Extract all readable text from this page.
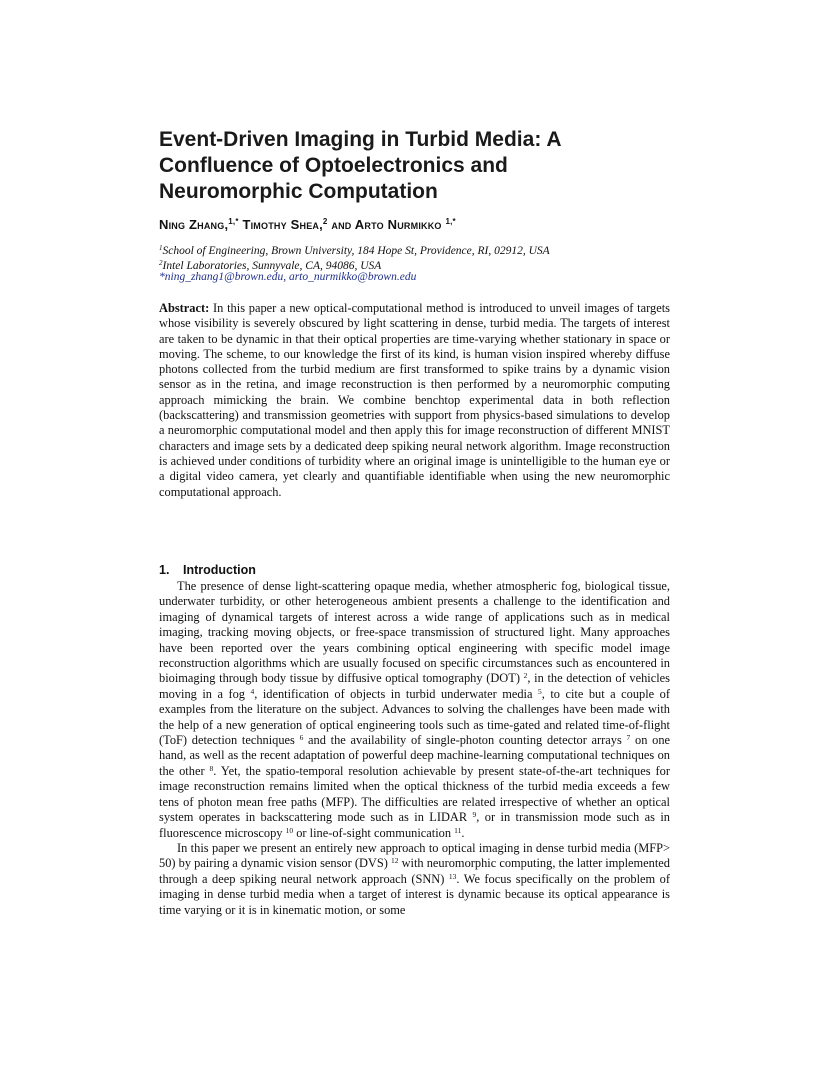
Event-Driven Imaging in Turbid Media: A
Confluence of Optoelectronics and
Neuromorphic Computation
Ning Zhang,$^{1,*}$ Timothy Shea,$^2$ and Arto Nurmikko $^{1,*}$
$^1$School of Engineering, Brown University, 184 Hope St, Providence, RI, 02912, USA
$^2$Intel Laboratories, Sunnyvale, CA, 94086, USA
*ning_zhang1@brown.edu, arto_nurmikko@brown.edu
Abstract: In this paper a new optical-computational method is introduced to unveil images of targets whose visibility is severely obscured by light scattering in dense, turbid media. The targets of interest are taken to be dynamic in that their optical properties are time-varying whether stationary in space or moving. The scheme, to our knowledge the first of its kind, is human vision inspired whereby diffuse photons collected from the turbid medium are first transformed to spike trains by a dynamic vision sensor as in the retina, and image reconstruction is then performed by a neuromorphic computing approach mimicking the brain. We combine benchtop experimental data in both reflection (backscattering) and transmission geometries with support from physics-based simulations to develop a neuromorphic computational model and then apply this for image reconstruction of different MNIST characters and image sets by a dedicated deep spiking neural network algorithm. Image reconstruction is achieved under conditions of turbidity where an original image is unintelligible to the human eye or a digital video camera, yet clearly and quantifiable identifiable when using the new neuromorphic computational approach.
1. Introduction

The presence of dense light-scattering opaque media, whether atmospheric fog, biological tissue, underwater turbidity, or other heterogeneous ambient presents a challenge to the identification and imaging of dynamical targets of interest across a wide range of applications such as in medical imaging, tracking moving objects, or free-space transmission of structured light. Many approaches have been reported over the years combining optical engineering with specific model image reconstruction algorithms which are usually focused on specific circumstances such as encountered in bioimaging through body tissue by diffusive optical tomography (DOT) $^2$, in the detection of vehicles moving in a fog $^4$, identification of objects in turbid underwater media $^5$, to cite but a couple of examples from the literature on the subject. Advances to solving the challenges have been made with the help of a new generation of optical engineering tools such as time-gated and related time-of-flight (ToF) detection techniques $^6$ and the availability of single-photon counting detector arrays $^7$ on one hand, as well as the recent adaptation of powerful deep machine-learning computational techniques on the other $^8$. Yet, the spatio-temporal resolution achievable by present state-of-the-art techniques for image reconstruction remains limited when the optical thickness of the turbid media exceeds a few tens of photon mean free paths (MFP). The difficulties are related irrespective of whether an optical system operates in backscattering mode such as in LIDAR $^9$, or in transmission mode such as in fluorescence microscopy $^{10}$ or line-of-sight communication $^{11}$.

In this paper we present an entirely new approach to optical imaging in dense turbid media (MFP> 50) by pairing a dynamic vision sensor (DVS) $^{12}$ with neuromorphic computing, the latter implemented through a deep spiking neural network approach (SNN) $^{13}$. We focus specifically on the problem of imaging in dense turbid media when a target of interest is dynamic because its optical appearance is time varying or it is in kinematic motion, or some
